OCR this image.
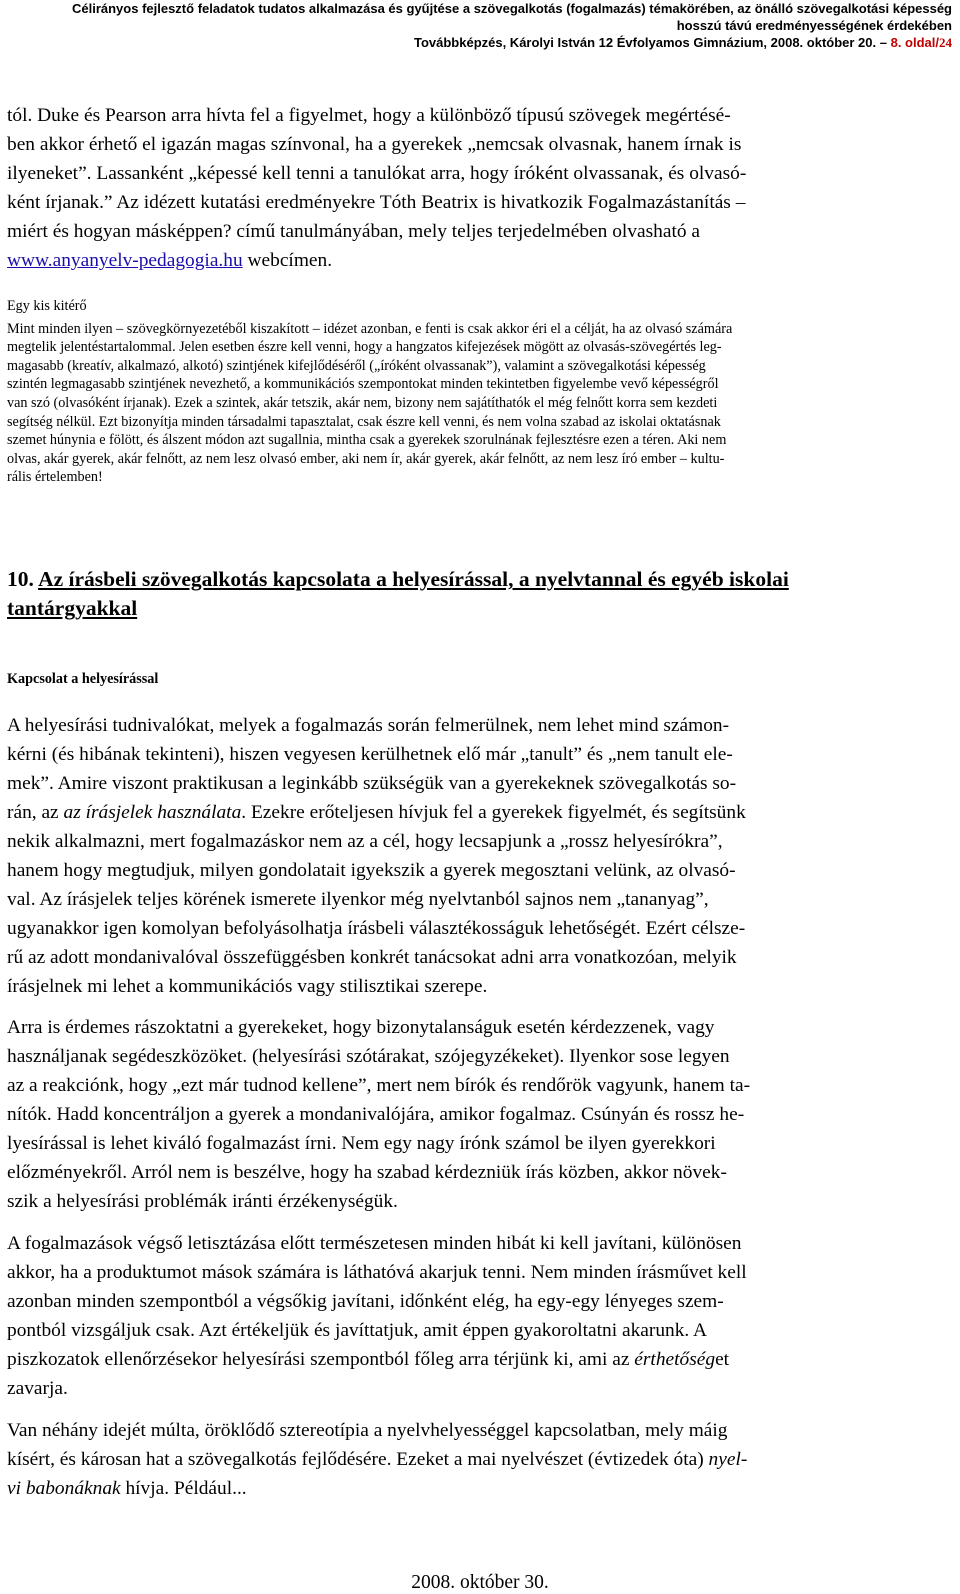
Célirányos fejlesztő feladatok tudatos alkalmazása és gyűjtése a szövegalkotás (fogalmazás) témakörében, az önálló szövegalkotási képesség
hosszú távú eredményességének érdekében
Továbbképzés, Károlyi István 12 Évfolyamos Gimnázium, 2008. október 20. – 8. oldal/24

tól. Duke és Pearson arra hívta fel a figyelmet, hogy a különböző típusú szövegek megértésé-

ben akkor érhető el igazán magas színvonal, ha a gyerekek „nemcsak olvasnak, hanem írnak is

ilyeneket”. Lassanként „képessé kell tenni a tanulókat arra, hogy íróként olvassanak, és olvasó-

ként írjanak.” Az idézett kutatási eredményekre Tóth Beatrix is hivatkozik Fogalmazástanítás –

miért és hogyan másképpen? című tanulmányában, mely teljes terjedelmében olvasható a

www.anyanyelv-pedagogia.hu webcímen.

Egy kis kitérő

Mint minden ilyen – szövegkörnyezetéből kiszakított – idézet azonban, e fenti is csak akkor éri el a célját, ha az olvasó számára

megtelik jelentéstartalommal. Jelen esetben észre kell venni, hogy a hangzatos kifejezések mögött az olvasás-szövegértés leg-

magasabb (kreatív, alkalmazó, alkotó) szintjének kifejlődéséről („íróként olvassanak”), valamint a szövegalkotási képesség

szintén legmagasabb szintjének nevezhető, a kommunikációs szempontokat minden tekintetben figyelembe vevő képességről

van szó (olvasóként írjanak). Ezek a szintek, akár tetszik, akár nem, bizony nem sajátíthatók el még felnőtt korra sem kezdeti

segítség nélkül. Ezt bizonyítja minden társadalmi tapasztalat, csak észre kell venni, és nem volna szabad az iskolai oktatásnak

szemet húnynia e fölött, és álszent módon azt sugallnia, mintha csak a gyerekek szorulnának fejlesztésre ezen a téren. Aki nem

olvas, akár gyerek, akár felnőtt, az nem lesz olvasó ember, aki nem ír, akár gyerek, akár felnőtt, az nem lesz író ember – kultu-

rális értelemben!

10. Az írásbeli szövegalkotás kapcsolata a helyesírással, a nyelvtannal és egyéb iskolai
tantárgyakkal
Kapcsolat a helyesírással

A helyesírási tudnivalókat, melyek a fogalmazás során felmerülnek, nem lehet mind számon-

kérni (és hibának tekinteni), hiszen vegyesen kerülhetnek elő már „tanult” és „nem tanult ele-

mek”. Amire viszont praktikusan a leginkább szükségük van a gyerekeknek szövegalkotás so-

rán, az az írásjelek használata. Ezekre erőteljesen hívjuk fel a gyerekek figyelmét, és segítsünk

nekik alkalmazni, mert fogalmazáskor nem az a cél, hogy lecsapjunk a „rossz helyesírókra”,

hanem hogy megtudjuk, milyen gondolatait igyekszik a gyerek megosztani velünk, az olvasó-

val. Az írásjelek teljes körének ismerete ilyenkor még nyelvtanból sajnos nem „tananyag”,

ugyanakkor igen komolyan befolyásolhatja írásbeli választékosságuk lehetőségét. Ezért célsze-

rű az adott mondanivalóval összefüggésben konkrét tanácsokat adni arra vonatkozóan, melyik

írásjelnek mi lehet a kommunikációs vagy stilisztikai szerepe.

Arra is érdemes rászoktatni a gyerekeket, hogy bizonytalanságuk esetén kérdezzenek, vagy

használjanak segédeszközöket. (helyesírási szótárakat, szójegyzékeket). Ilyenkor sose legyen

az a reakciónk, hogy „ezt már tudnod kellene”, mert nem bírók és rendőrök vagyunk, hanem ta-

nítók. Hadd koncentráljon a gyerek a mondanivalójára, amikor fogalmaz. Csúnyán és rossz he-

lyesírással is lehet kiváló fogalmazást írni. Nem egy nagy írónk számol be ilyen gyerekkori

előzményekről. Arról nem is beszélve, hogy ha szabad kérdezniük írás közben, akkor növek-

szik a helyesírási problémák iránti érzékenységük.

A fogalmazások végső letisztázása előtt természetesen minden hibát ki kell javítani, különösen

akkor, ha a produktumot mások számára is láthatóvá akarjuk tenni. Nem minden írásművet kell

azonban minden szempontból a végsőkig javítani, időnként elég, ha egy-egy lényeges szem-

pontból vizsgáljuk csak. Azt értékeljük és javíttatjuk, amit éppen gyakoroltatni akarunk. A

piszkozatok ellenőrzésekor helyesírási szempontból főleg arra térjünk ki, ami az érthetőséget

zavarja.

Van néhány idejét múlta, öröklődő sztereotípia a nyelvhelyességgel kapcsolatban, mely máig

kísért, és károsan hat a szövegalkotás fejlődésére. Ezeket a mai nyelvészet (évtizedek óta) nyel-

vi babonáknak hívja. Például...

2008. október 30.
